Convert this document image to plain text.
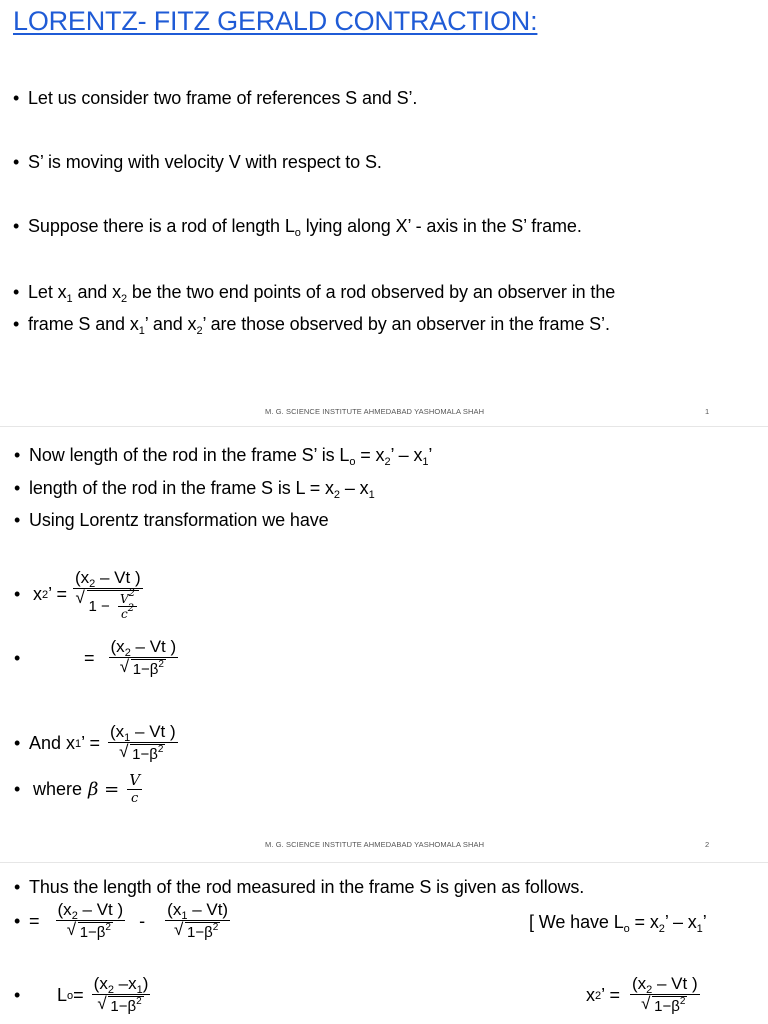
LORENTZ- FITZ GERALD CONTRACTION:
• Let us consider two frame of references S and S’.
• S’ is moving with velocity V with respect to S.
• Suppose there is a rod of length $L_o$ lying along X’ - axis in the S’ frame.
• Let $x_1$ and $x_2$ be the two end points of a rod observed by an observer in the
• frame S and $x_1$’ and $x_2$’ are those observed by an observer in the frame S’.
M. G. SCIENCE INSTITUTE AHMEDABAD YASHOMALA SHAH	1
• Now length of the rod in the frame S’ is $L_o = x_2$’ – $x_1$’
• length of the rod in the frame S is $L = x_2 - x_1$
• Using Lorentz transformation we have
• x 2 ’ = ($x_2$ – Vt )
√ $1 - \frac{V^2}{c^2}$
•	= ($x_2$ – Vt )
√ $1-\beta^2$
• And x 1 ’ = ($x_1$ – Vt )
√ $1-\beta^2$
• where $\beta = \frac{V}{c}$
M. G. SCIENCE INSTITUTE AHMEDABAD YASHOMALA SHAH	2
• Thus the length of the rod measured in the frame S is given as follows.
• = ($x_2$ – Vt )
√ $1-\beta^2 - (x_1 - Vt)$
√ $1-\beta^2$	[ We have $L_o = x_2$’ – $x_1$’
•	L $o = (x_2$ $-x_1$)
√ $1-\beta^2$	x 2 ’ = ($x_2$ – Vt )
√ $1-\beta^2$
